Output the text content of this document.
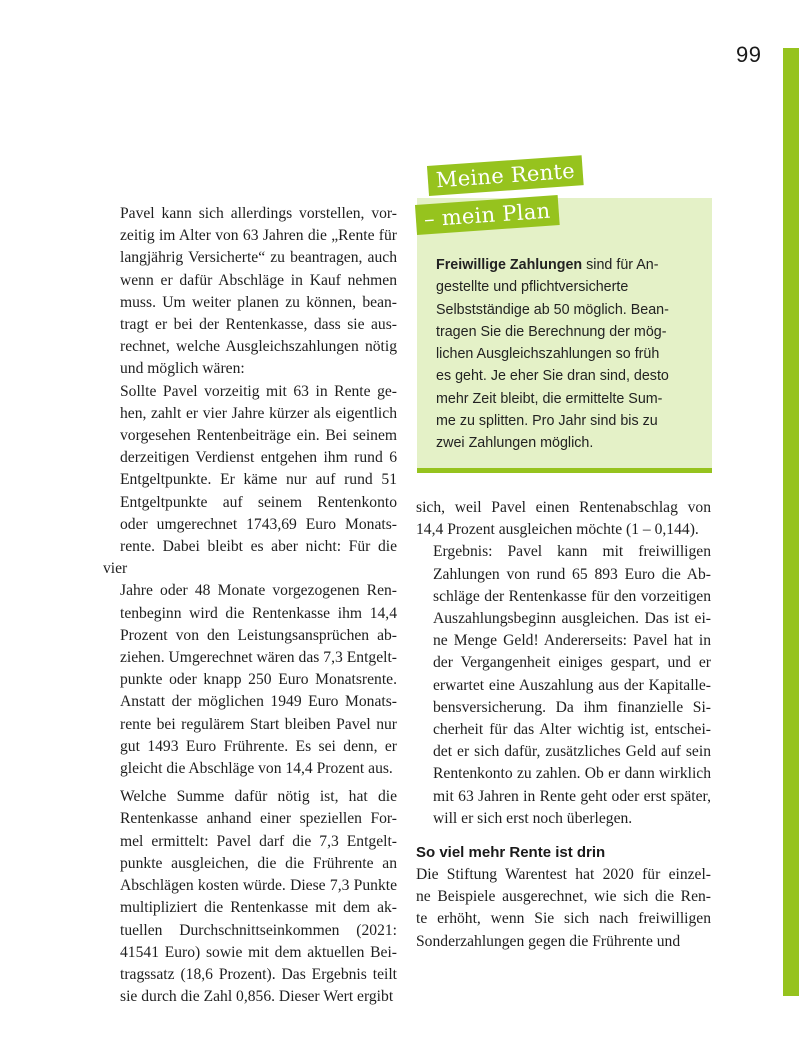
99

Pavel kann sich allerdings vorstellen, vor-
zeitig im Alter von 63 Jahren die „Rente für
langjährig Versicherte“ zu beantragen, auch
wenn er dafür Abschläge in Kauf nehmen
muss. Um weiter planen zu können, bean-
tragt er bei der Rentenkasse, dass sie aus-
rechnet, welche Ausgleichszahlungen nötig
und möglich wären:

Sollte Pavel vorzeitig mit 63 in Rente ge-
hen, zahlt er vier Jahre kürzer als eigentlich
vorgesehen Rentenbeiträge ein. Bei seinem
derzeitigen Verdienst entgehen ihm rund 6
Entgeltpunkte. Er käme nur auf rund 51
Entgeltpunkte auf seinem Rentenkonto
oder umgerechnet 1743,69 Euro Monats-
rente. Dabei bleibt es aber nicht: Für die vier
Jahre oder 48 Monate vorgezogenen Ren-
tenbeginn wird die Rentenkasse ihm 14,4
Prozent von den Leistungsansprüchen ab-
ziehen. Umgerechnet wären das 7,3 Entgelt-
punkte oder knapp 250 Euro Monatsrente.
Anstatt der möglichen 1949 Euro Monats-
rente bei regulärem Start bleiben Pavel nur
gut 1493 Euro Frührente. Es sei denn, er
gleicht die Abschläge von 14,4 Prozent aus.

Welche Summe dafür nötig ist, hat die
Rentenkasse anhand einer speziellen For-
mel ermittelt: Pavel darf die 7,3 Entgelt-
punkte ausgleichen, die die Frührente an
Abschlägen kosten würde. Diese 7,3 Punkte
multipliziert die Rentenkasse mit dem ak-
tuellen Durchschnittseinkommen (2021:
41541 Euro) sowie mit dem aktuellen Bei-
tragssatz (18,6 Prozent). Das Ergebnis teilt
sie durch die Zahl 0,856. Dieser Wert ergibt

Meine Rente
– mein Plan
Freiwillige Zahlungen sind für An-
gestellte und pflichtversicherte
Selbstständige ab 50 möglich. Bean-
tragen Sie die Berechnung der mög-
lichen Ausgleichszahlungen so früh
es geht. Je eher Sie dran sind, desto
mehr Zeit bleibt, die ermittelte Sum-
me zu splitten. Pro Jahr sind bis zu
zwei Zahlungen möglich.

sich, weil Pavel einen Rentenabschlag von
14,4 Prozent ausgleichen möchte (1 – 0,144).

Ergebnis: Pavel kann mit freiwilligen
Zahlungen von rund 65 893 Euro die Ab-
schläge der Rentenkasse für den vorzeitigen
Auszahlungsbeginn ausgleichen. Das ist ei-
ne Menge Geld! Andererseits: Pavel hat in
der Vergangenheit einiges gespart, und er
erwartet eine Auszahlung aus der Kapitalle-
bensversicherung. Da ihm finanzielle Si-
cherheit für das Alter wichtig ist, entschei-
det er sich dafür, zusätzliches Geld auf sein
Rentenkonto zu zahlen. Ob er dann wirklich
mit 63 Jahren in Rente geht oder erst später,
will er sich erst noch überlegen.

So viel mehr Rente ist drin

Die Stiftung Warentest hat 2020 für einzel-
ne Beispiele ausgerechnet, wie sich die Ren-
te erhöht, wenn Sie sich nach freiwilligen
Sonderzahlungen gegen die Frührente und
